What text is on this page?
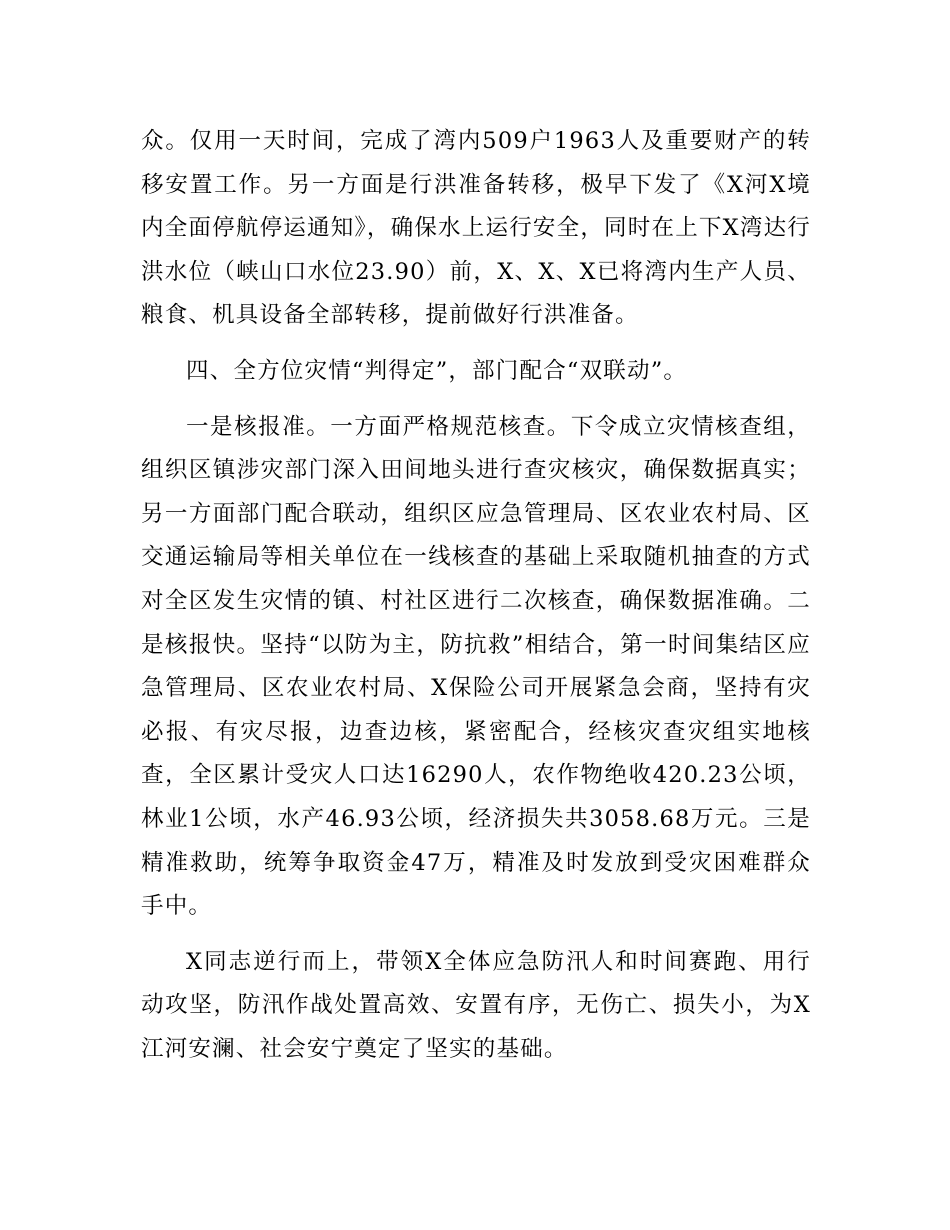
众。仅用一天时间，完成了湾内509户1963人及重要财产的转移安置工作。另一方面是行洪准备转移，极早下发了《X河X境内全面停航停运通知》，确保水上运行安全，同时在上下X湾达行洪水位（峡山口水位23.90）前，X、X、X已将湾内生产人员、粮食、机具设备全部转移，提前做好行洪准备。

四、全方位灾情“判得定”，部门配合“双联动”。

一是核报准。一方面严格规范核查。下令成立灾情核查组，组织区镇涉灾部门深入田间地头进行查灾核灾，确保数据真实；另一方面部门配合联动，组织区应急管理局、区农业农村局、区交通运输局等相关单位在一线核查的基础上采取随机抽查的方式对全区发生灾情的镇、村社区进行二次核查，确保数据准确。二是核报快。坚持“以防为主，防抗救”相结合，第一时间集结区应急管理局、区农业农村局、X保险公司开展紧急会商，坚持有灾必报、有灾尽报，边查边核，紧密配合，经核灾查灾组实地核查，全区累计受灾人口达16290人，农作物绝收420.23公顷，林业1公顷，水产46.93公顷，经济损失共3058.68万元。三是精准救助，统筹争取资金47万，精准及时发放到受灾困难群众手中。

X同志逆行而上，带领X全体应急防汛人和时间赛跑、用行动攻坚，防汛作战处置高效、安置有序，无伤亡、损失小，为X江河安澜、社会安宁奠定了坚实的基础。
